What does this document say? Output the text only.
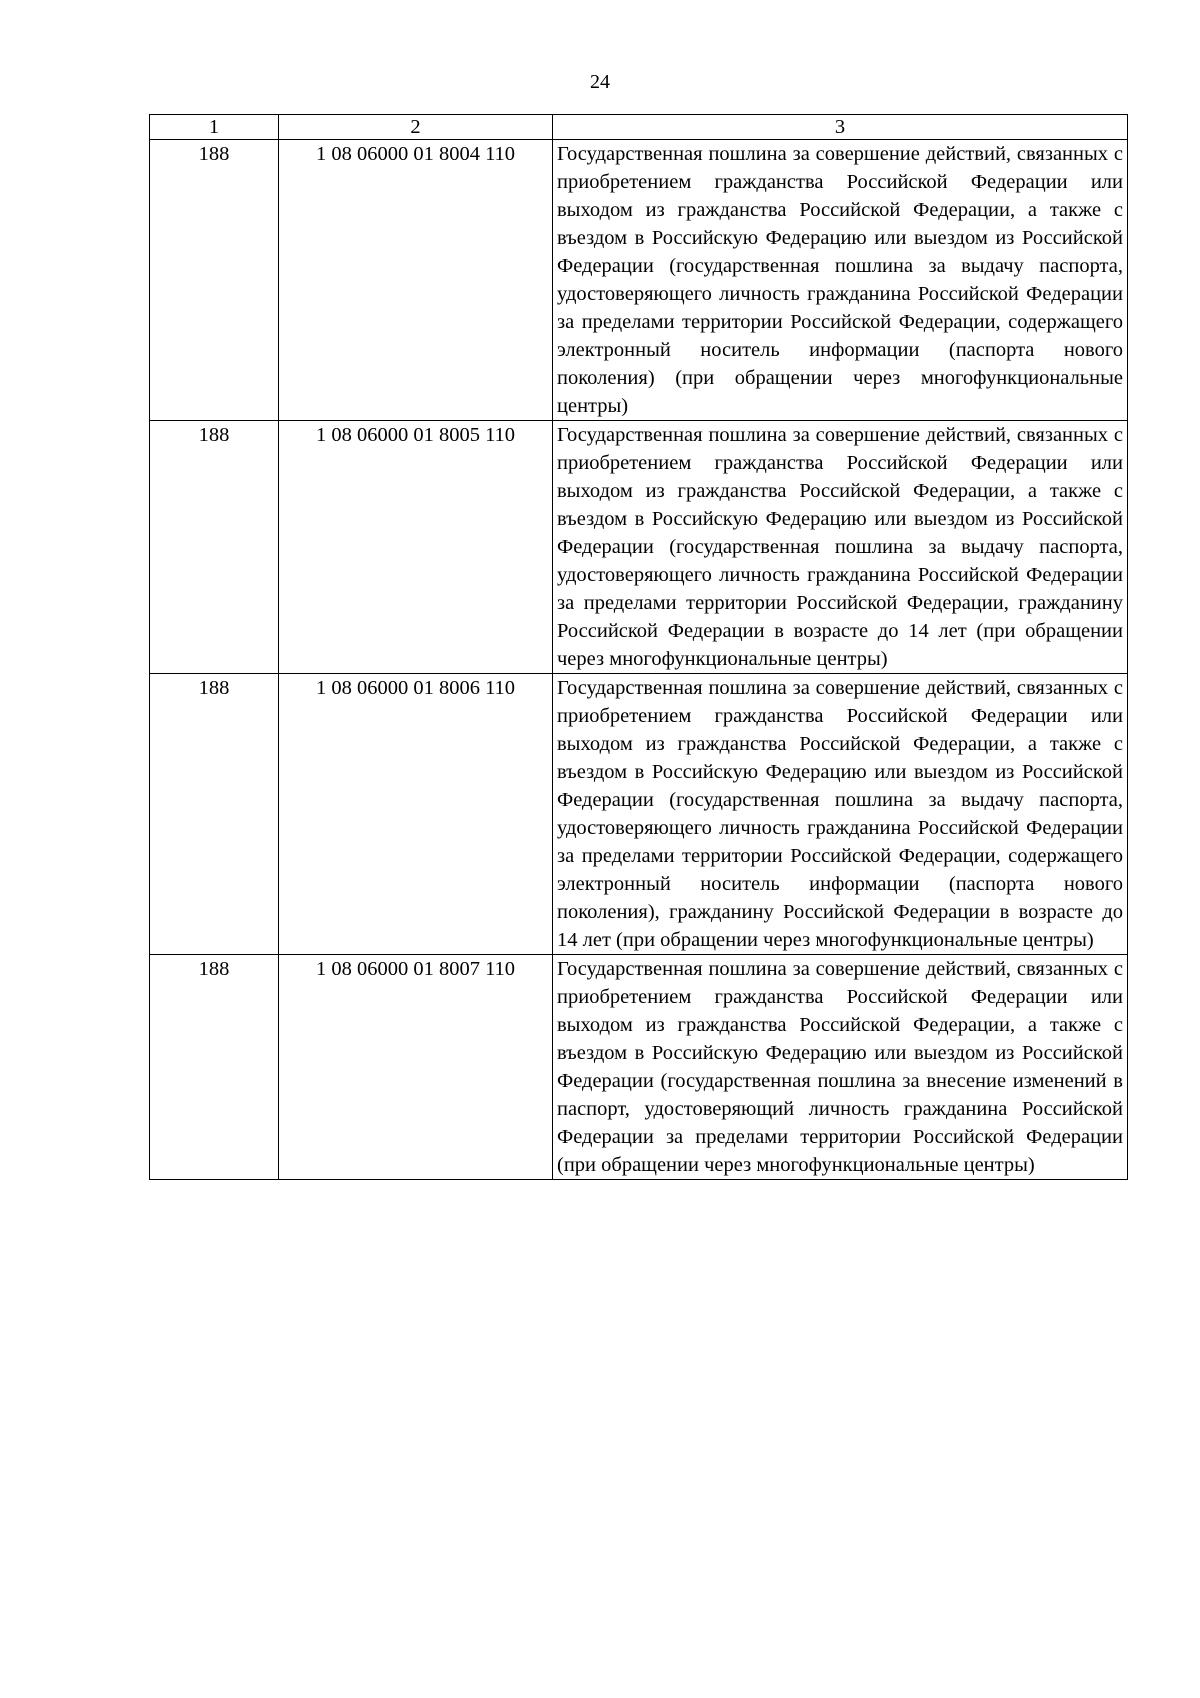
24
1	2	3
188	1 08 06000 01 8004 110	Государственная пошлина за совершение действий, связанных с приобретением гражданства Российской Федерации или выходом из гражданства Российской Федерации, а также с въездом в Российскую Федерацию или выездом из Российской Федерации (государственная пошлина за выдачу паспорта, удостоверяющего личность гражданина Российской Федерации за пределами территории Российской Федерации, содержащего электронный носитель информации (паспорта нового поколения) (при обращении через многофункциональные центры)
188	1 08 06000 01 8005 110	Государственная пошлина за совершение действий, связанных с приобретением гражданства Российской Федерации или выходом из гражданства Российской Федерации, а также с въездом в Российскую Федерацию или выездом из Российской Федерации (государственная пошлина за выдачу паспорта, удостоверяющего личность гражданина Российской Федерации за пределами территории Российской Федерации, гражданину Российской Федерации в возрасте до 14 лет (при обращении через многофункциональные центры)
188	1 08 06000 01 8006 110	Государственная пошлина за совершение действий, связанных с приобретением гражданства Российской Федерации или выходом из гражданства Российской Федерации, а также с въездом в Российскую Федерацию или выездом из Российской Федерации (государственная пошлина за выдачу паспорта, удостоверяющего личность гражданина Российской Федерации за пределами территории Российской Федерации, содержащего электронный носитель информации (паспорта нового поколения), гражданину Российской Федерации в возрасте до 14 лет (при обращении через многофункциональные центры)
188	1 08 06000 01 8007 110	Государственная пошлина за совершение действий, связанных с приобретением гражданства Российской Федерации или выходом из гражданства Российской Федерации, а также с въездом в Российскую Федерацию или выездом из Российской Федерации (государственная пошлина за внесение изменений в паспорт, удостоверяющий личность гражданина Российской Федерации за пределами территории Российской Федерации (при обращении через многофункциональные центры)
